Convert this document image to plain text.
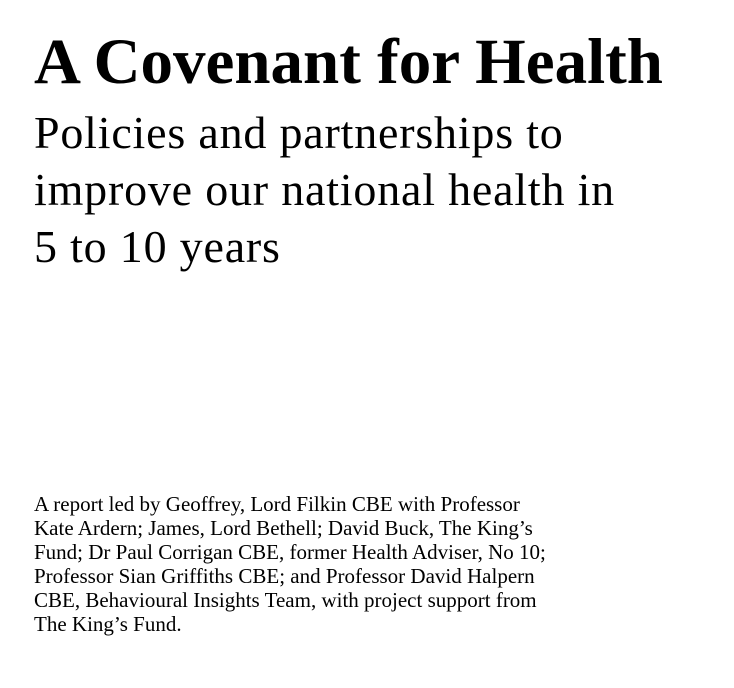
A Covenant for Health
Policies and partnerships to
improve our national health in
5 to 10 years

A report led by Geoffrey, Lord Filkin CBE with Professor
Kate Ardern; James, Lord Bethell; David Buck, The King’s
Fund; Dr Paul Corrigan CBE, former Health Adviser, No 10;
Professor Sian Griffiths CBE; and Professor David Halpern
CBE, Behavioural Insights Team, with project support from
The King’s Fund.
